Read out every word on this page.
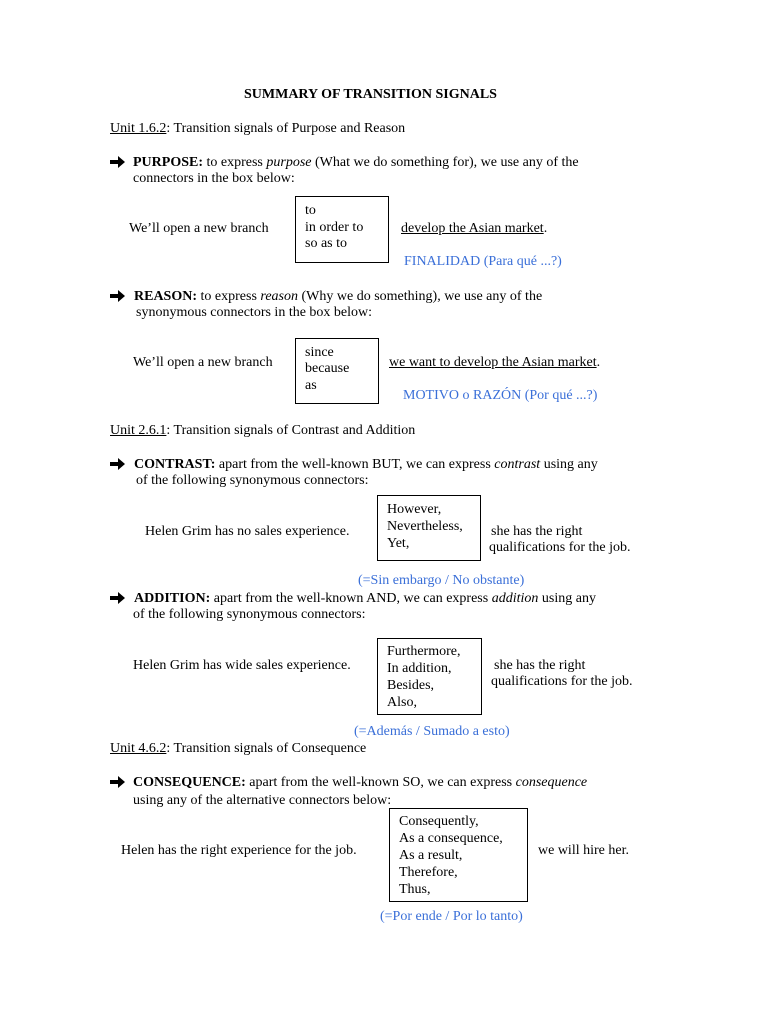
SUMMARY OF TRANSITION SIGNALS
Unit 1.6.2: Transition signals of Purpose and Reason
PURPOSE: to express purpose (What we do something for), we use any of the
connectors in the box below:
We’ll open a new branch
to
in order to
so as to
develop the Asian market.
FINALIDAD (Para qué ...?)
REASON: to express reason (Why we do something), we use any of the
synonymous connectors in the box below:
We’ll open a new branch
since
because
as
we want to develop the Asian market.
MOTIVO o RAZÓN (Por qué ...?)
Unit 2.6.1: Transition signals of Contrast and Addition
CONTRAST: apart from the well-known BUT, we can express contrast using any
of the following synonymous connectors:
Helen Grim has no sales experience.
However,
Nevertheless,
Yet,
she has the right
qualifications for the job.
(=Sin embargo / No obstante)
ADDITION: apart from the well-known AND, we can express addition using any
of the following synonymous connectors:
Helen Grim has wide sales experience.
Furthermore,
In addition,
Besides,
Also,
she has the right
qualifications for the job.
(=Además / Sumado a esto)
Unit 4.6.2: Transition signals of Consequence
CONSEQUENCE: apart from the well-known SO, we can express consequence
using any of the alternative connectors below:
Helen has the right experience for the job.
Consequently,
As a consequence,
As a result,
Therefore,
Thus,
we will hire her.
(=Por ende / Por lo tanto)
